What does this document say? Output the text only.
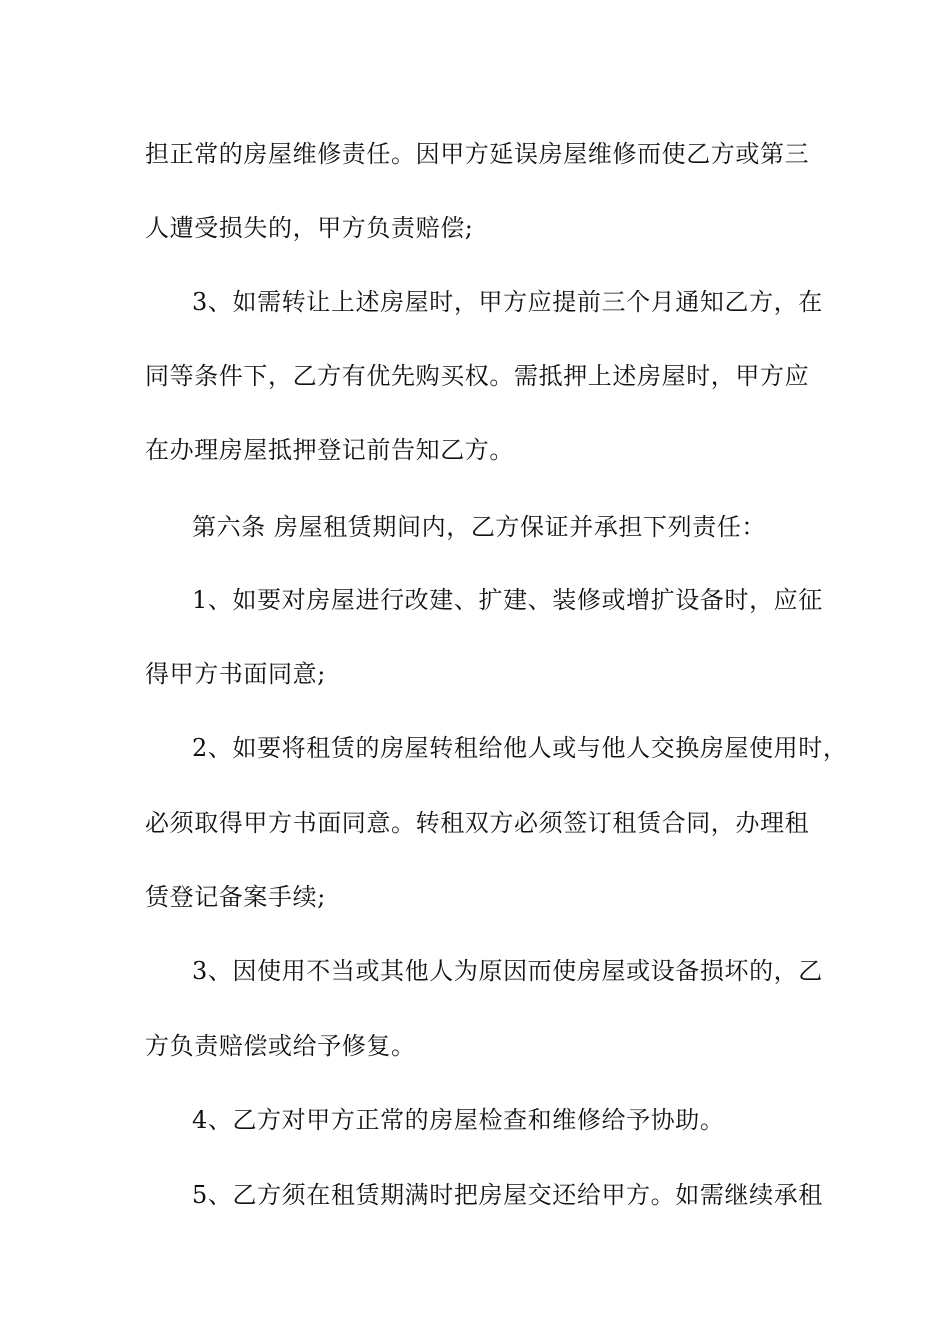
担正常的房屋维修责任。因甲方延误房屋维修而使乙方或第三
人遭受损失的，甲方负责赔偿;
3、如需转让上述房屋时，甲方应提前三个月通知乙方，在
同等条件下，乙方有优先购买权。需抵押上述房屋时，甲方应
在办理房屋抵押登记前告知乙方。
第六条 房屋租赁期间内，乙方保证并承担下列责任：
1、如要对房屋进行改建、扩建、装修或增扩设备时，应征
得甲方书面同意;
2、如要将租赁的房屋转租给他人或与他人交换房屋使用时，
必须取得甲方书面同意。转租双方必须签订租赁合同，办理租
赁登记备案手续;
3、因使用不当或其他人为原因而使房屋或设备损坏的，乙
方负责赔偿或给予修复。
4、乙方对甲方正常的房屋检查和维修给予协助。
5、乙方须在租赁期满时把房屋交还给甲方。如需继续承租
